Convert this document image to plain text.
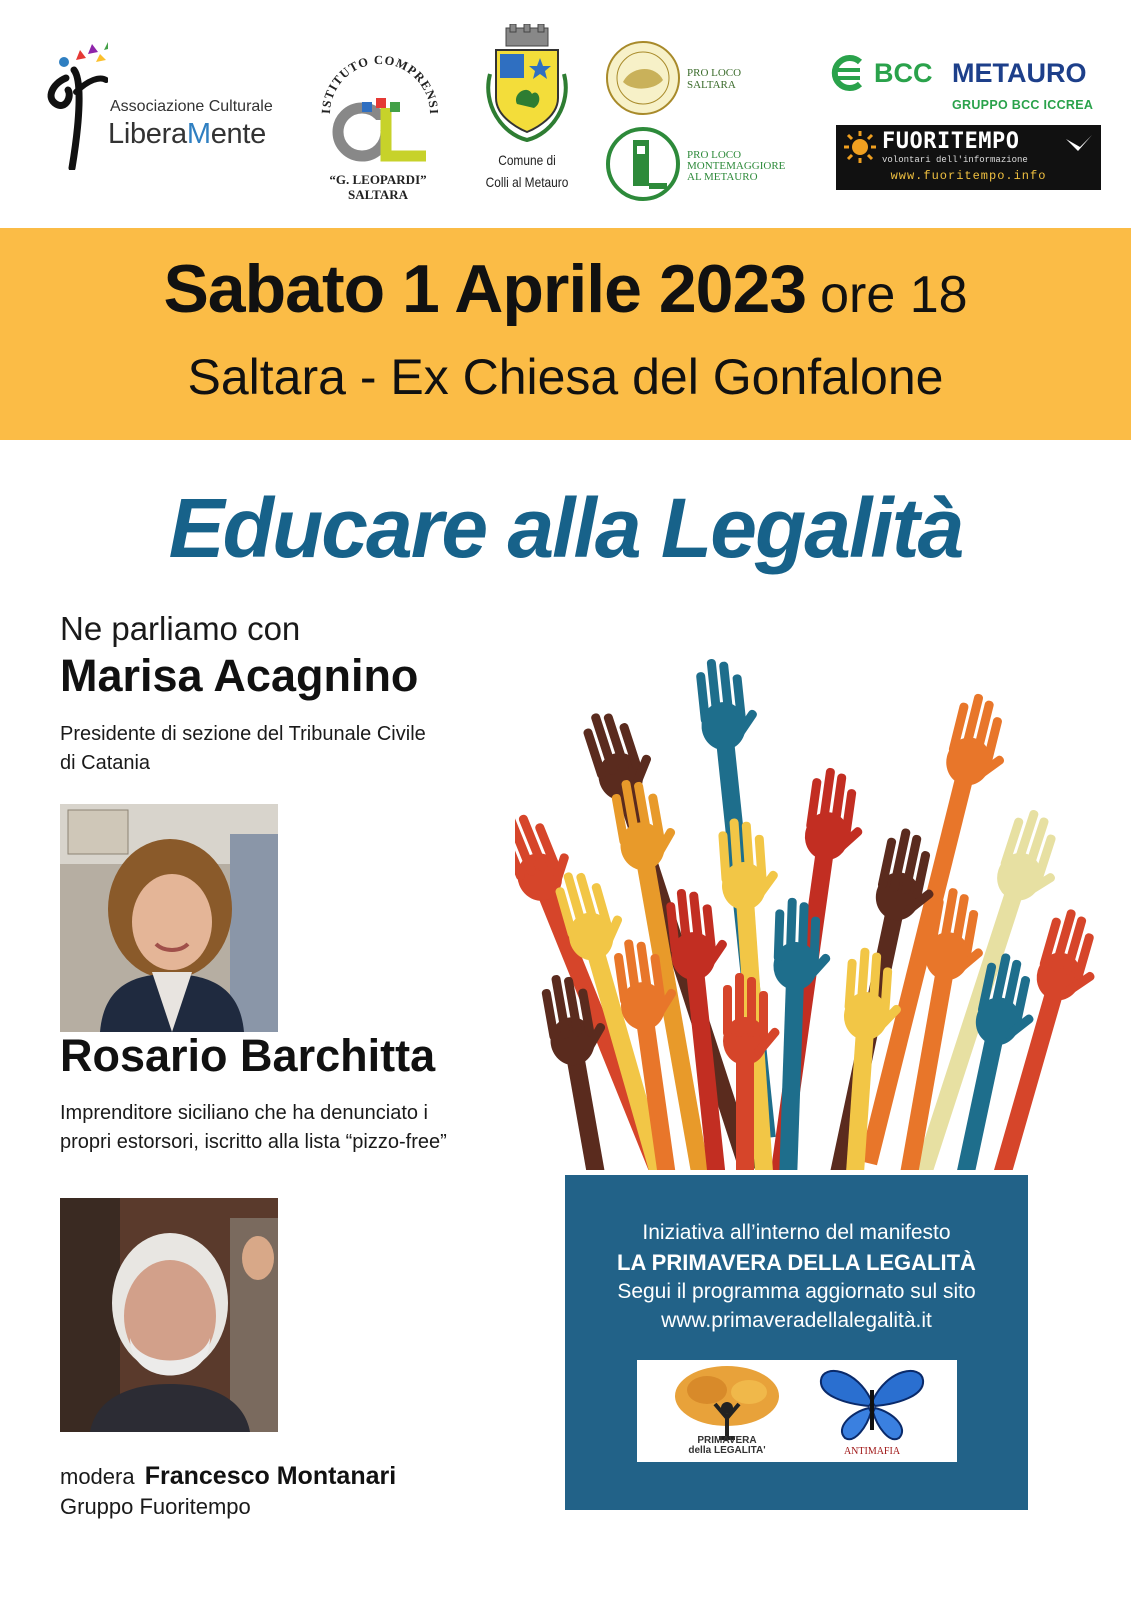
Associazione Culturale
LiberaMente
ISTITUTO COMPREN
“G. LEOPARDI”
SALTARA
Comune di
Colli al Metauro
PRO LOCO
SALTARA
PRO LOCO
MONTEMAGGIORE
AL METAURO
BCC METAURO
GRUPPO BCC ICCREA
FUORITEMPO
volontari dell'informazione
www.fuoritempo.info
Sabato 1 Aprile 2023 ore 18
Saltara - Ex Chiesa del Gonfalone
Educare alla Legalità
Ne parliamo con
Marisa Acagnino
Presidente di sezione del Tribunale Civile
di Catania
Rosario Barchitta
Imprenditore siciliano che ha denunciato i
propri estorsori, iscritto alla lista “pizzo-free”
modera Francesco Montanari
Gruppo Fuoritempo
Iniziativa all’interno del manifesto
LA PRIMAVERA DELLA LEGALITÀ
Segui il programma aggiornato sul sito
www.primaveradellalegalità.it
PRIMAVERA
della LEGALITA'	ANTIMAFIA
